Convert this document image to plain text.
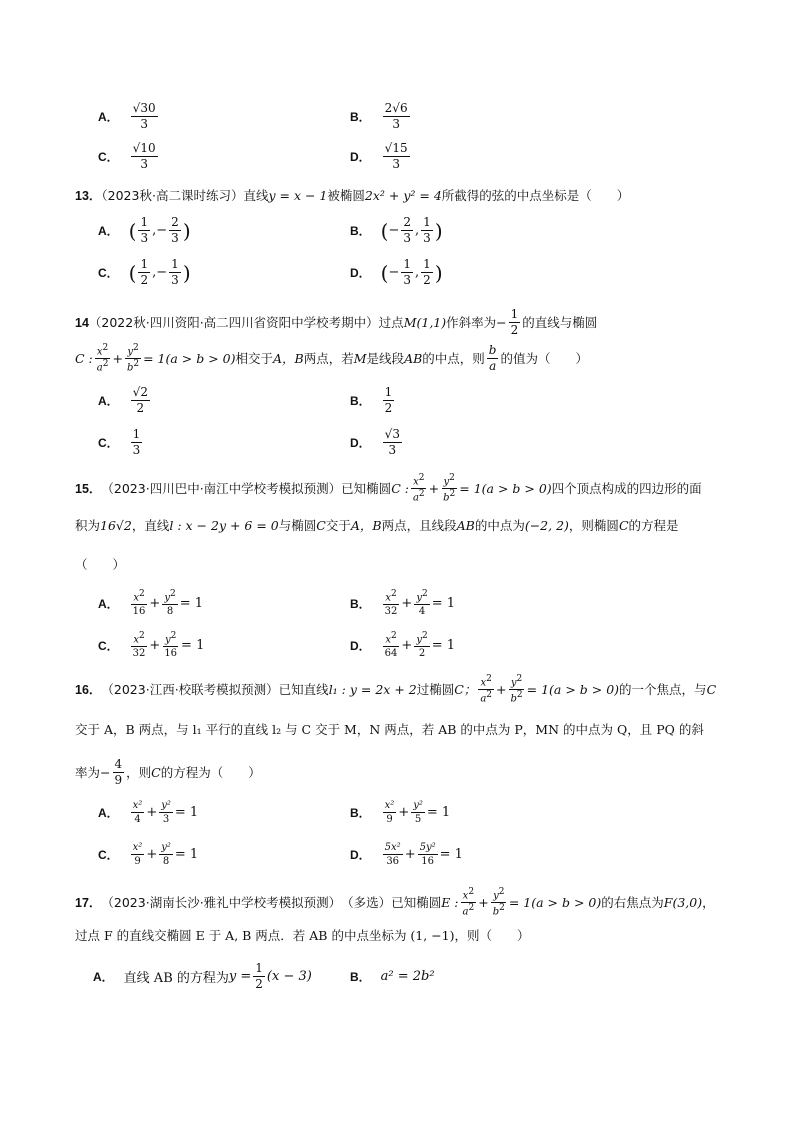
A． $\frac{√30}{3}$	B． $\frac{2√6}{3}$
C． $\frac{√10}{3}$	D． $\frac{√15}{3}$
13．（2023秋·高二课时练习）直线y = x − 1被椭圆2x² + y² = 4所截得的弦的中点坐标是（　　）
A． ( $\frac{1}{3}$ , − $\frac{2}{3}$ )	B． ( − $\frac{2}{3}$ , $\frac{1}{3}$ )
C． ( $\frac{1}{2}$ , − $\frac{1}{3}$ )	D． ( − $\frac{1}{3}$ , $\frac{1}{2}$ )
14 （2022秋·四川资阳·高二四川省资阳中学校考期中） 过点 M(1,1) 作斜率为 − $\frac{1}{2}$ 的直线与椭圆
C : $\frac{x2}{a2} + \frac{y2}{b2} = 1(a > b > 0)$ 相交于 A，B 两点，若 M 是线段 AB 的中点，则 $\frac{b}{a}$ 的值为（　　）
A． $\frac{√2}{2}$	B． $\frac{1}{2}$
C． $\frac{1}{3}$	D． $\frac{√3}{3}$
15． （2023·四川巴中·南江中学校考模拟预测） 已知椭圆 C : $\frac{x2}{a2} + \frac{y2}{b2} = 1(a > b > 0)$ 四个顶点构成的四边形的面
积为16√2，直线l : x − 2y + 6 = 0与椭圆C交于A，B两点，且线段AB的中点为(−2, 2)，则椭圆C的方程是
（　　）
A． $\frac{x2}{16} + \frac{y2}{8} = 1$	B． $\frac{x2}{32} + \frac{y2}{4} = 1$
C． $\frac{x2}{32} + \frac{y2}{16} = 1$	D． $\frac{x2}{64} + \frac{y2}{2} = 1$
16． （2023·江西·校联考模拟预测） 已知直线 l₁ : y = 2x + 2 过椭圆 C； $\frac{x2}{a2} + \frac{y2}{b2} = 1(a > b > 0)$ 的一个焦点，与 C
交于 A，B 两点，与 l₁ 平行的直线 l₂ 与 C 交于 M，N 两点，若 AB 的中点为 P，MN 的中点为 Q，且 PQ 的斜
率为 − $\frac{4}{9}$ ，则 C 的方程为（　　）
A． $\frac{\text{x²}}{4} + \frac{\text{y²}}{3} = 1$	B． $\frac{\text{x²}}{9} + \frac{\text{y²}}{5} = 1$
C． $\frac{\text{x²}}{9} + \frac{\text{y²}}{8} = 1$	D． $\frac{\text{5x²}}{36} + \frac{\text{5y²}}{16} = 1$
17． （2023·湖南长沙·雅礼中学校考模拟预测） （多选） 已知椭圆 E : $\frac{x2}{a2} + \frac{y2}{b2} = 1(a > b > 0)$ 的右焦点为 F(3,0) ，
过点 F 的直线交椭圆 E 于 A, B 两点．若 AB 的中点坐标为 (1, −1)，则（　　）
A． 直线 AB 的方程为 $y = \frac{1}{2} (x - 3)$	B． a² = 2b²
